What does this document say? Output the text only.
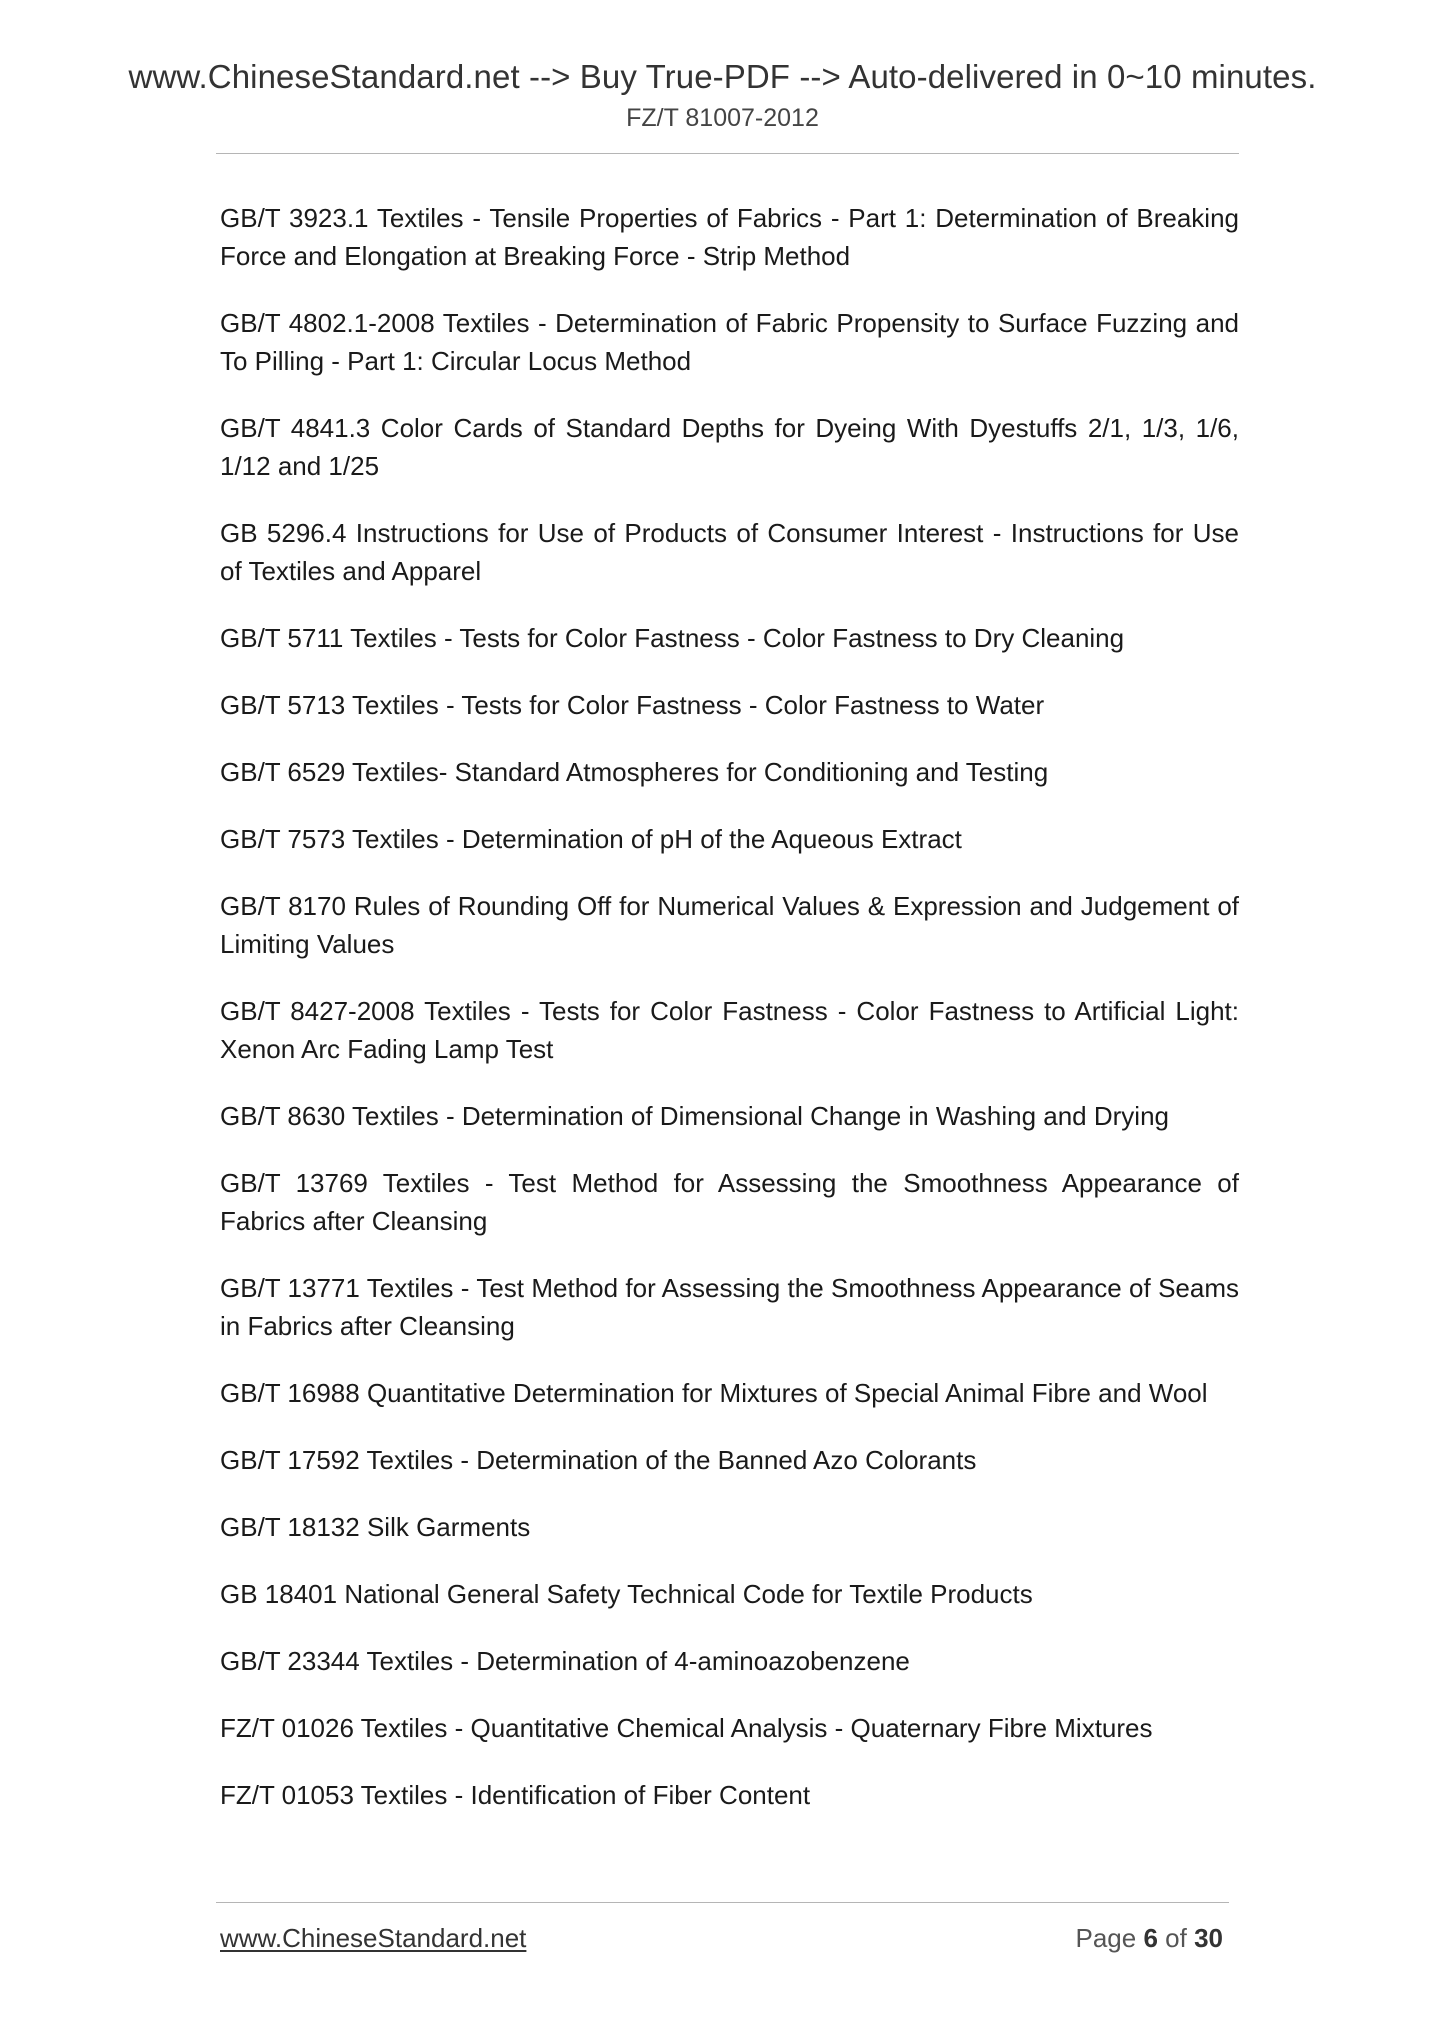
www.ChineseStandard.net --> Buy True-PDF --> Auto-delivered in 0~10 minutes.
FZ/T 81007-2012
GB/T 3923.1 Textiles - Tensile Properties of Fabrics - Part 1: Determination of Breaking Force and Elongation at Breaking Force - Strip Method
GB/T 4802.1-2008 Textiles - Determination of Fabric Propensity to Surface Fuzzing and To Pilling - Part 1: Circular Locus Method
GB/T 4841.3 Color Cards of Standard Depths for Dyeing With Dyestuffs 2/1, 1/3, 1/6, 1/12 and 1/25
GB 5296.4 Instructions for Use of Products of Consumer Interest - Instructions for Use of Textiles and Apparel
GB/T 5711 Textiles - Tests for Color Fastness - Color Fastness to Dry Cleaning
GB/T 5713 Textiles - Tests for Color Fastness - Color Fastness to Water
GB/T 6529 Textiles- Standard Atmospheres for Conditioning and Testing
GB/T 7573 Textiles - Determination of pH of the Aqueous Extract
GB/T 8170 Rules of Rounding Off for Numerical Values & Expression and Judgement of Limiting Values
GB/T 8427-2008 Textiles - Tests for Color Fastness - Color Fastness to Artificial Light: Xenon Arc Fading Lamp Test
GB/T 8630 Textiles - Determination of Dimensional Change in Washing and Drying
GB/T 13769 Textiles - Test Method for Assessing the Smoothness Appearance of Fabrics after Cleansing
GB/T 13771 Textiles - Test Method for Assessing the Smoothness Appearance of Seams in Fabrics after Cleansing
GB/T 16988 Quantitative Determination for Mixtures of Special Animal Fibre and Wool
GB/T 17592 Textiles - Determination of the Banned Azo Colorants
GB/T 18132 Silk Garments
GB 18401 National General Safety Technical Code for Textile Products
GB/T 23344 Textiles - Determination of 4-aminoazobenzene
FZ/T 01026 Textiles - Quantitative Chemical Analysis - Quaternary Fibre Mixtures
FZ/T 01053 Textiles - Identification of Fiber Content
www.ChineseStandard.net	Page 6 of 30
